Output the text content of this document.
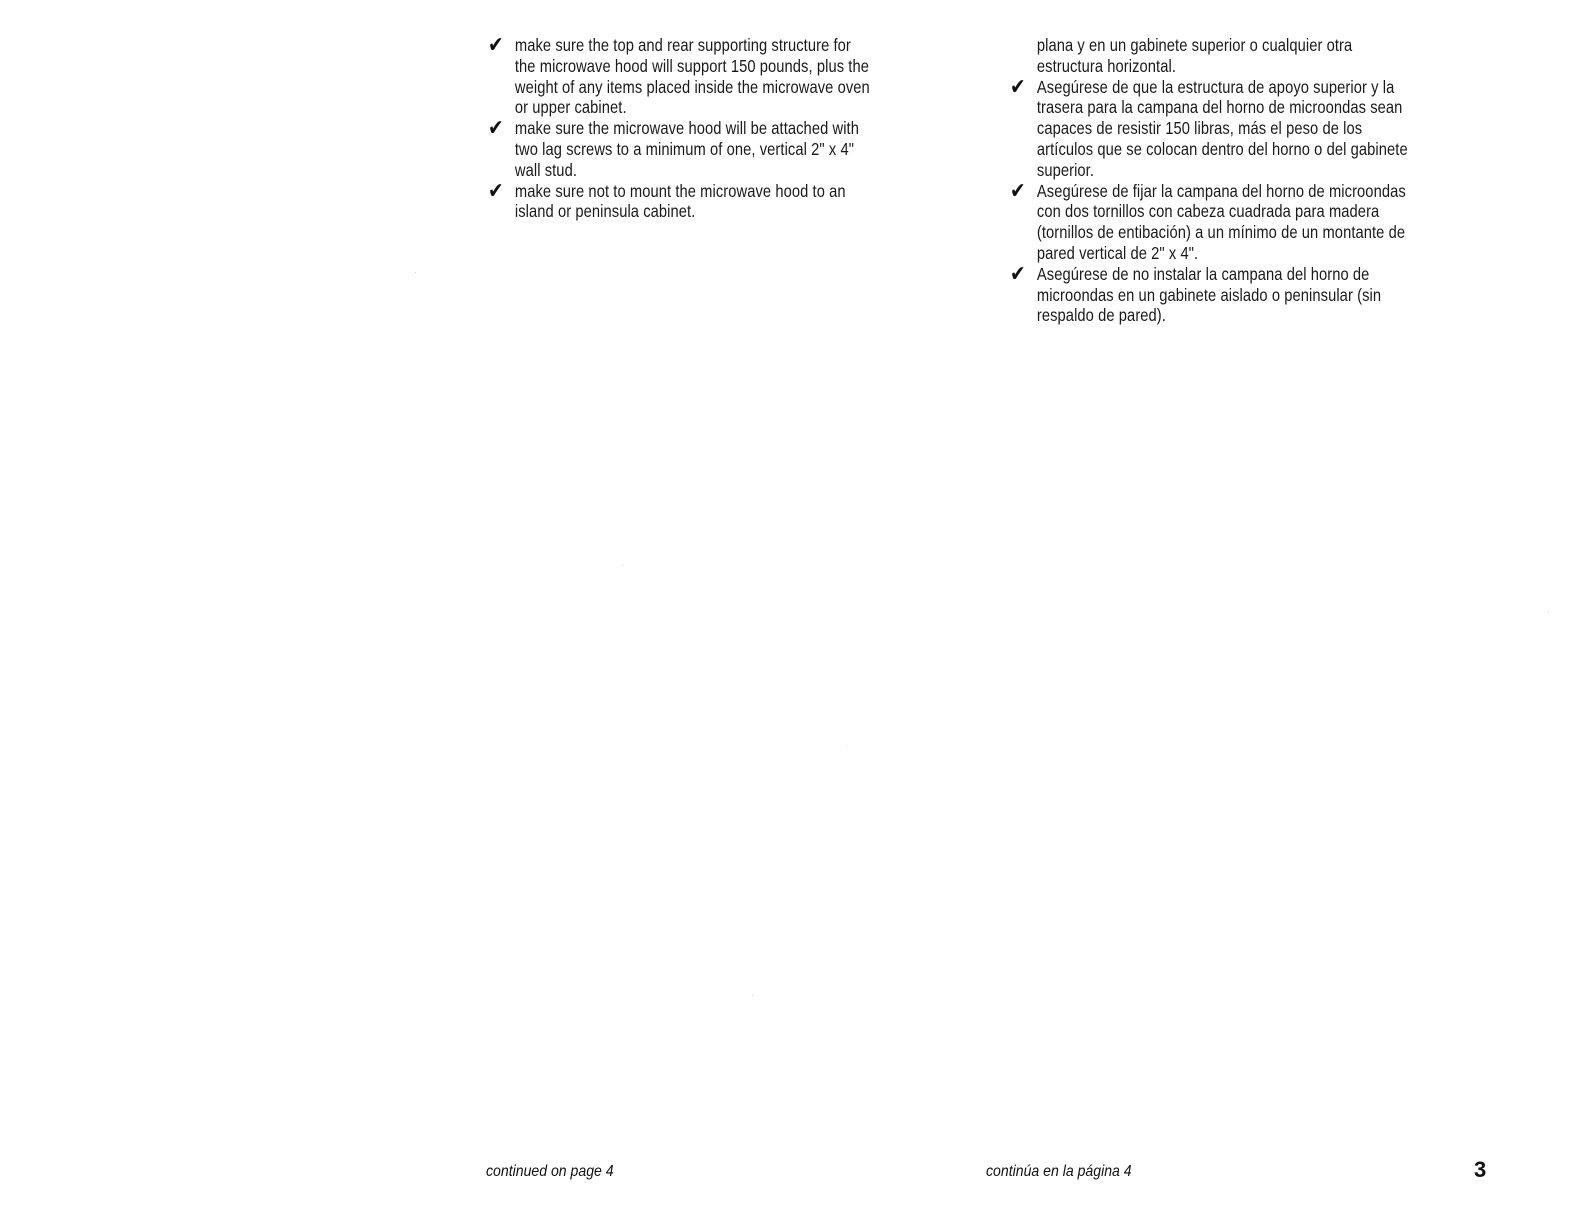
✔ make sure the top and rear supporting structure for
the microwave hood will support 150 pounds, plus the
weight of any items placed inside the microwave oven
or upper cabinet.
✔ make sure the microwave hood will be attached with
two lag screws to a minimum of one, vertical 2" x 4"
wall stud.
✔ make sure not to mount the microwave hood to an
island or peninsula cabinet.
plana y en un gabinete superior o cualquier otra
estructura horizontal.
✔ Asegúrese de que la estructura de apoyo superior y la
trasera para la campana del horno de microondas sean
capaces de resistir 150 libras, más el peso de los
artículos que se colocan dentro del horno o del gabinete
superior.
✔ Asegúrese de fijar la campana del horno de microondas
con dos tornillos con cabeza cuadrada para madera
(tornillos de entibación) a un mínimo de un montante de
pared vertical de 2" x 4".
✔ Asegúrese de no instalar la campana del horno de
microondas en un gabinete aislado o peninsular (sin
respaldo de pared).
continued on page 4	continúa en la página 4	3
